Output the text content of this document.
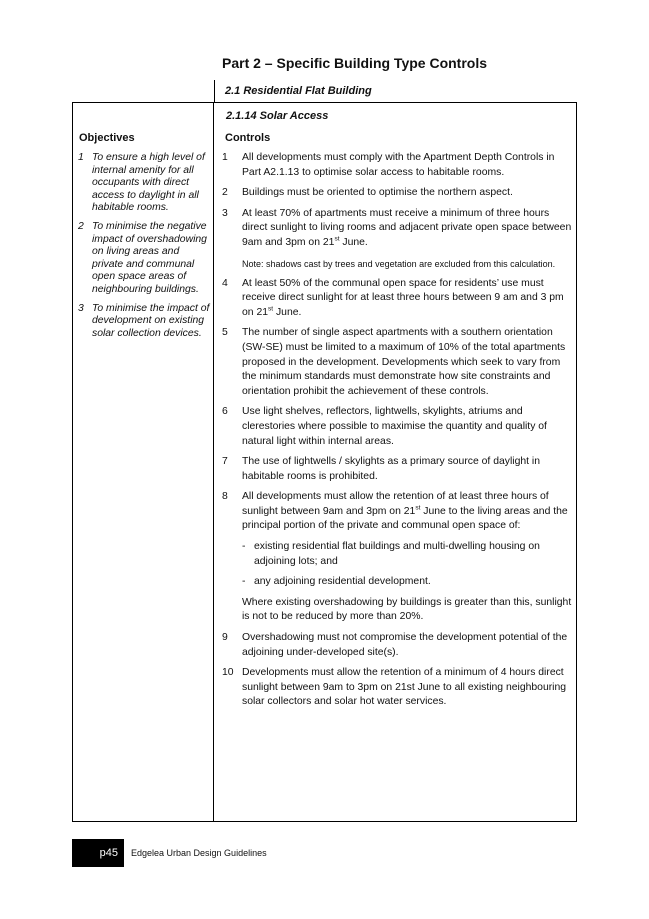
Part 2 – Specific Building Type Controls
2.1 Residential Flat Building
2.1.14 Solar Access
Objectives	Controls
1 To ensure a high level of internal amenity for all occupants with direct access to daylight in all habitable rooms.
2 To minimise the negative impact of overshadowing on living areas and private and communal open space areas of neighbouring buildings.
3 To minimise the impact of development on existing solar collection devices.
1	All developments must comply with the Apartment Depth Controls in Part A2.1.13 to optimise solar access to habitable rooms.
2	Buildings must be oriented to optimise the northern aspect.
3	At least 70% of apartments must receive a minimum of three hours direct sunlight to living rooms and adjacent private open space between 9am and 3pm on 21st June.
Note: shadows cast by trees and vegetation are excluded from this calculation.
4	At least 50% of the communal open space for residents’ use must receive direct sunlight for at least three hours between 9 am and 3 pm on 21st June.
5	The number of single aspect apartments with a southern orientation (SW-SE) must be limited to a maximum of 10% of the total apartments proposed in the development. Developments which seek to vary from the minimum standards must demonstrate how site constraints and orientation prohibit the achievement of these controls.
6	Use light shelves, reflectors, lightwells, skylights, atriums and clerestories where possible to maximise the quantity and quality of natural light within internal areas.
7	The use of lightwells / skylights as a primary source of daylight in habitable rooms is prohibited.
8	All developments must allow the retention of at least three hours of sunlight between 9am and 3pm on 21st June to the living areas and the principal portion of the private and communal open space of:
- existing residential flat buildings and multi-dwelling housing on adjoining lots; and
- any adjoining residential development.
Where existing overshadowing by buildings is greater than this, sunlight is not to be reduced by more than 20%.
9	Overshadowing must not compromise the development potential of the adjoining under-developed site(s).
10 Developments must allow the retention of a minimum of 4 hours direct sunlight between 9am to 3pm on 21st June to all existing neighbouring solar collectors and solar hot water services.
p45	Edgelea Urban Design Guidelines
